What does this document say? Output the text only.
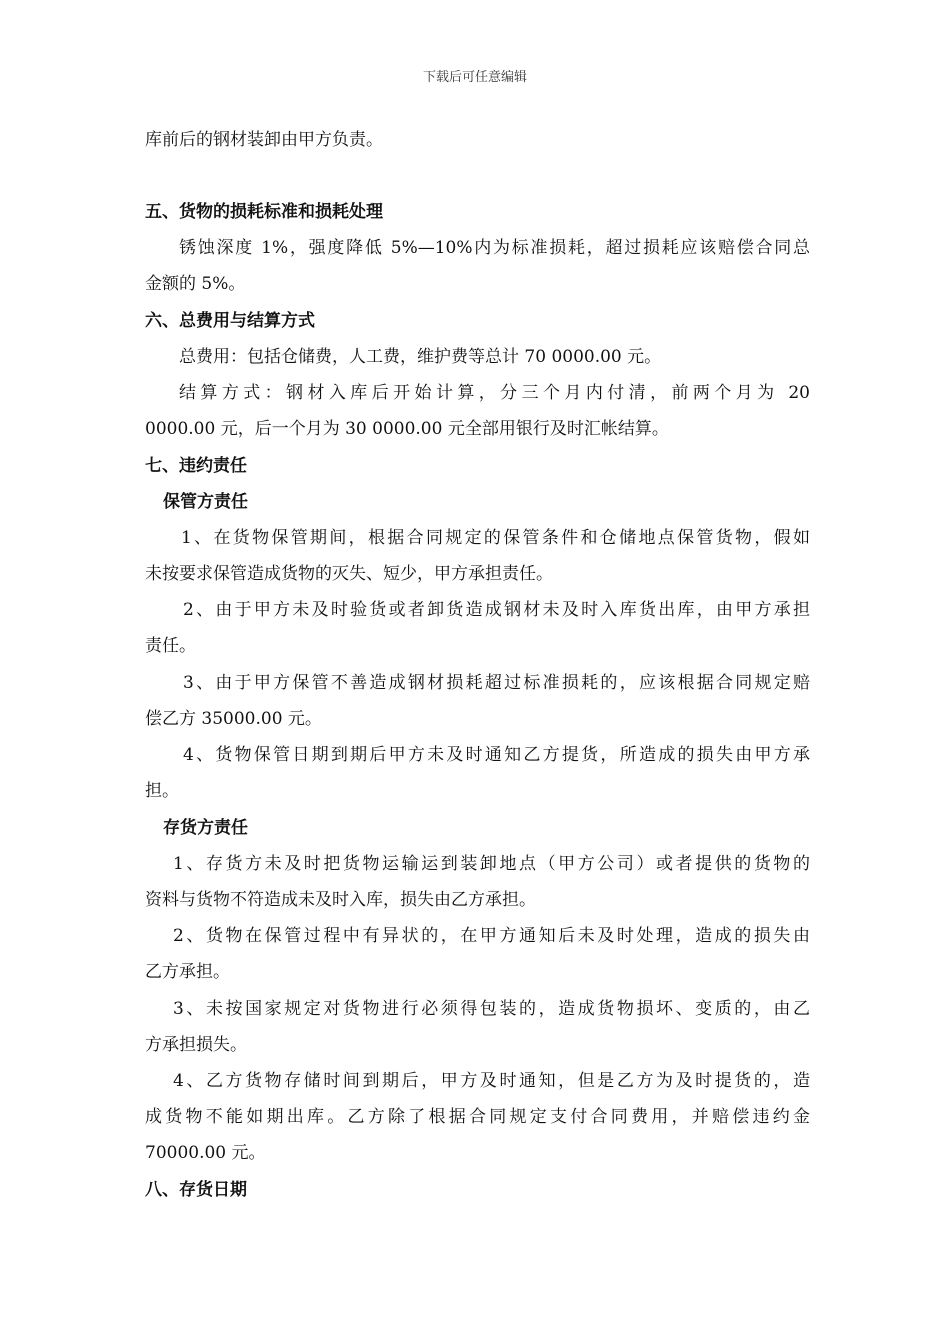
下载后可任意编辑
库前后的钢材装卸由甲方负责。
五、货物的损耗标准和损耗处理
锈蚀深度 1%，强度降低 5%—10%内为标准损耗，超过损耗应该赔偿合同总
金额的 5%。
六、总费用与结算方式
总费用：包括仓储费，人工费，维护费等总计 70 0000.00 元。
结算方式：钢材入库后开始计算，分三个月内付清，前两个月为 20
0000.00 元，后一个月为 30 0000.00 元全部用银行及时汇帐结算。
七、违约责任
保管方责任
1、在货物保管期间，根据合同规定的保管条件和仓储地点保管货物，假如
未按要求保管造成货物的灭失、短少，甲方承担责任。
2、由于甲方未及时验货或者卸货造成钢材未及时入库货出库，由甲方承担
责任。
3、由于甲方保管不善造成钢材损耗超过标准损耗的，应该根据合同规定赔
偿乙方 35000.00 元。
4、货物保管日期到期后甲方未及时通知乙方提货，所造成的损失由甲方承
担。
存货方责任
1、存货方未及时把货物运输运到装卸地点（甲方公司）或者提供的货物的
资料与货物不符造成未及时入库，损失由乙方承担。
2、货物在保管过程中有异状的，在甲方通知后未及时处理，造成的损失由
乙方承担。
3、未按国家规定对货物进行必须得包装的，造成货物损坏、变质的，由乙
方承担损失。
4、乙方货物存储时间到期后，甲方及时通知，但是乙方为及时提货的，造
成货物不能如期出库。乙方除了根据合同规定支付合同费用，并赔偿违约金
70000.00 元。
八、存货日期
